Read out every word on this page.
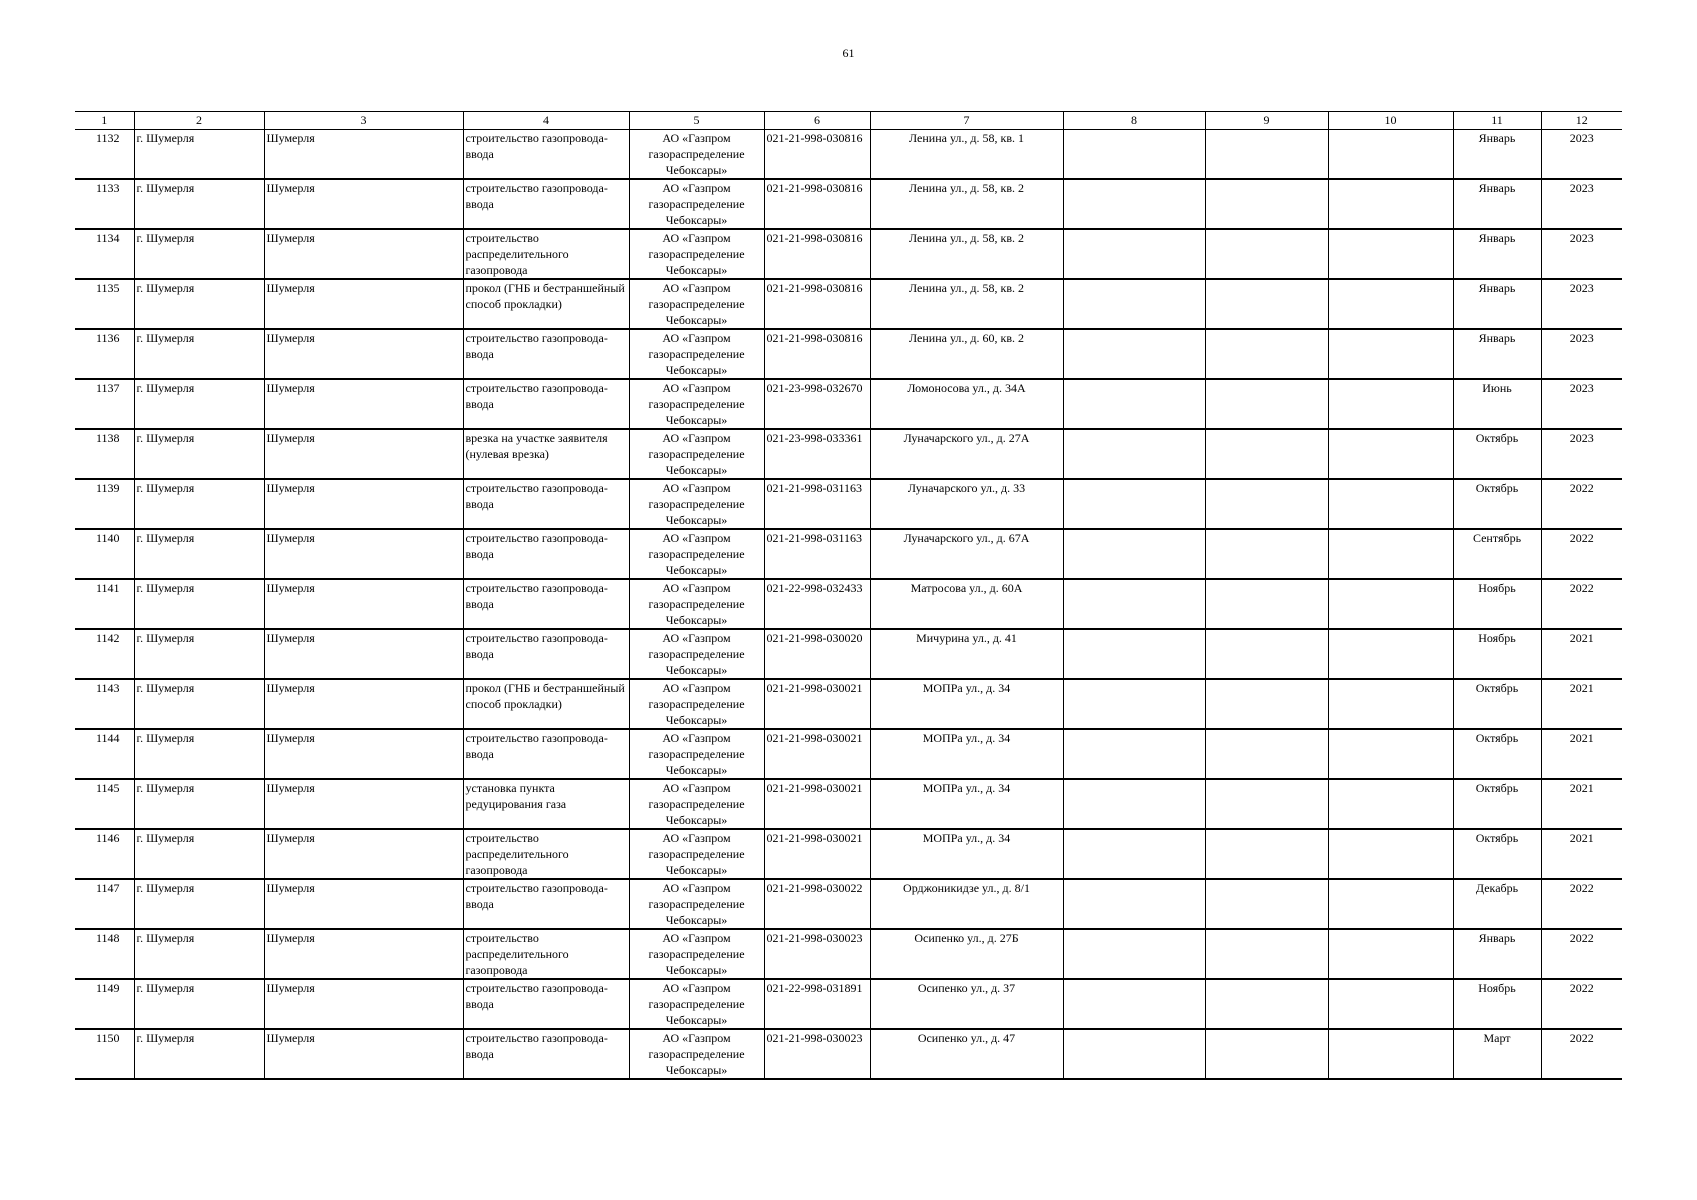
61
1	2	3	4	5	6	7	8	9	10	11	12
1132	г. Шумерля	Шумерля	строительство газопровода-ввода	АО «Газпром газораспределение Чебоксары»	021-21-998-030816	Ленина ул., д. 58, кв. 1				Январь	2023
1133	г. Шумерля	Шумерля	строительство газопровода-ввода	АО «Газпром газораспределение Чебоксары»	021-21-998-030816	Ленина ул., д. 58, кв. 2				Январь	2023
1134	г. Шумерля	Шумерля	строительство распределительного газопровода	АО «Газпром газораспределение Чебоксары»	021-21-998-030816	Ленина ул., д. 58, кв. 2				Январь	2023
1135	г. Шумерля	Шумерля	прокол (ГНБ и бестраншейный способ прокладки)	АО «Газпром газораспределение Чебоксары»	021-21-998-030816	Ленина ул., д. 58, кв. 2				Январь	2023
1136	г. Шумерля	Шумерля	строительство газопровода-ввода	АО «Газпром газораспределение Чебоксары»	021-21-998-030816	Ленина ул., д. 60, кв. 2				Январь	2023
1137	г. Шумерля	Шумерля	строительство газопровода-ввода	АО «Газпром газораспределение Чебоксары»	021-23-998-032670	Ломоносова ул., д. 34А				Июнь	2023
1138	г. Шумерля	Шумерля	врезка на участке заявителя (нулевая врезка)	АО «Газпром газораспределение Чебоксары»	021-23-998-033361	Луначарского ул., д. 27А				Октябрь	2023
1139	г. Шумерля	Шумерля	строительство газопровода-ввода	АО «Газпром газораспределение Чебоксары»	021-21-998-031163	Луначарского ул., д. 33				Октябрь	2022
1140	г. Шумерля	Шумерля	строительство газопровода-ввода	АО «Газпром газораспределение Чебоксары»	021-21-998-031163	Луначарского ул., д. 67А				Сентябрь	2022
1141	г. Шумерля	Шумерля	строительство газопровода-ввода	АО «Газпром газораспределение Чебоксары»	021-22-998-032433	Матросова ул., д. 60А				Ноябрь	2022
1142	г. Шумерля	Шумерля	строительство газопровода-ввода	АО «Газпром газораспределение Чебоксары»	021-21-998-030020	Мичурина ул., д. 41				Ноябрь	2021
1143	г. Шумерля	Шумерля	прокол (ГНБ и бестраншейный способ прокладки)	АО «Газпром газораспределение Чебоксары»	021-21-998-030021	МОПРа ул., д. 34				Октябрь	2021
1144	г. Шумерля	Шумерля	строительство газопровода-ввода	АО «Газпром газораспределение Чебоксары»	021-21-998-030021	МОПРа ул., д. 34				Октябрь	2021
1145	г. Шумерля	Шумерля	установка пункта редуцирования газа	АО «Газпром газораспределение Чебоксары»	021-21-998-030021	МОПРа ул., д. 34				Октябрь	2021
1146	г. Шумерля	Шумерля	строительство распределительного газопровода	АО «Газпром газораспределение Чебоксары»	021-21-998-030021	МОПРа ул., д. 34				Октябрь	2021
1147	г. Шумерля	Шумерля	строительство газопровода-ввода	АО «Газпром газораспределение Чебоксары»	021-21-998-030022	Орджоникидзе ул., д. 8/1				Декабрь	2022
1148	г. Шумерля	Шумерля	строительство распределительного газопровода	АО «Газпром газораспределение Чебоксары»	021-21-998-030023	Осипенко ул., д. 27Б				Январь	2022
1149	г. Шумерля	Шумерля	строительство газопровода-ввода	АО «Газпром газораспределение Чебоксары»	021-22-998-031891	Осипенко ул., д. 37				Ноябрь	2022
1150	г. Шумерля	Шумерля	строительство газопровода-ввода	АО «Газпром газораспределение Чебоксары»	021-21-998-030023	Осипенко ул., д. 47				Март	2022
